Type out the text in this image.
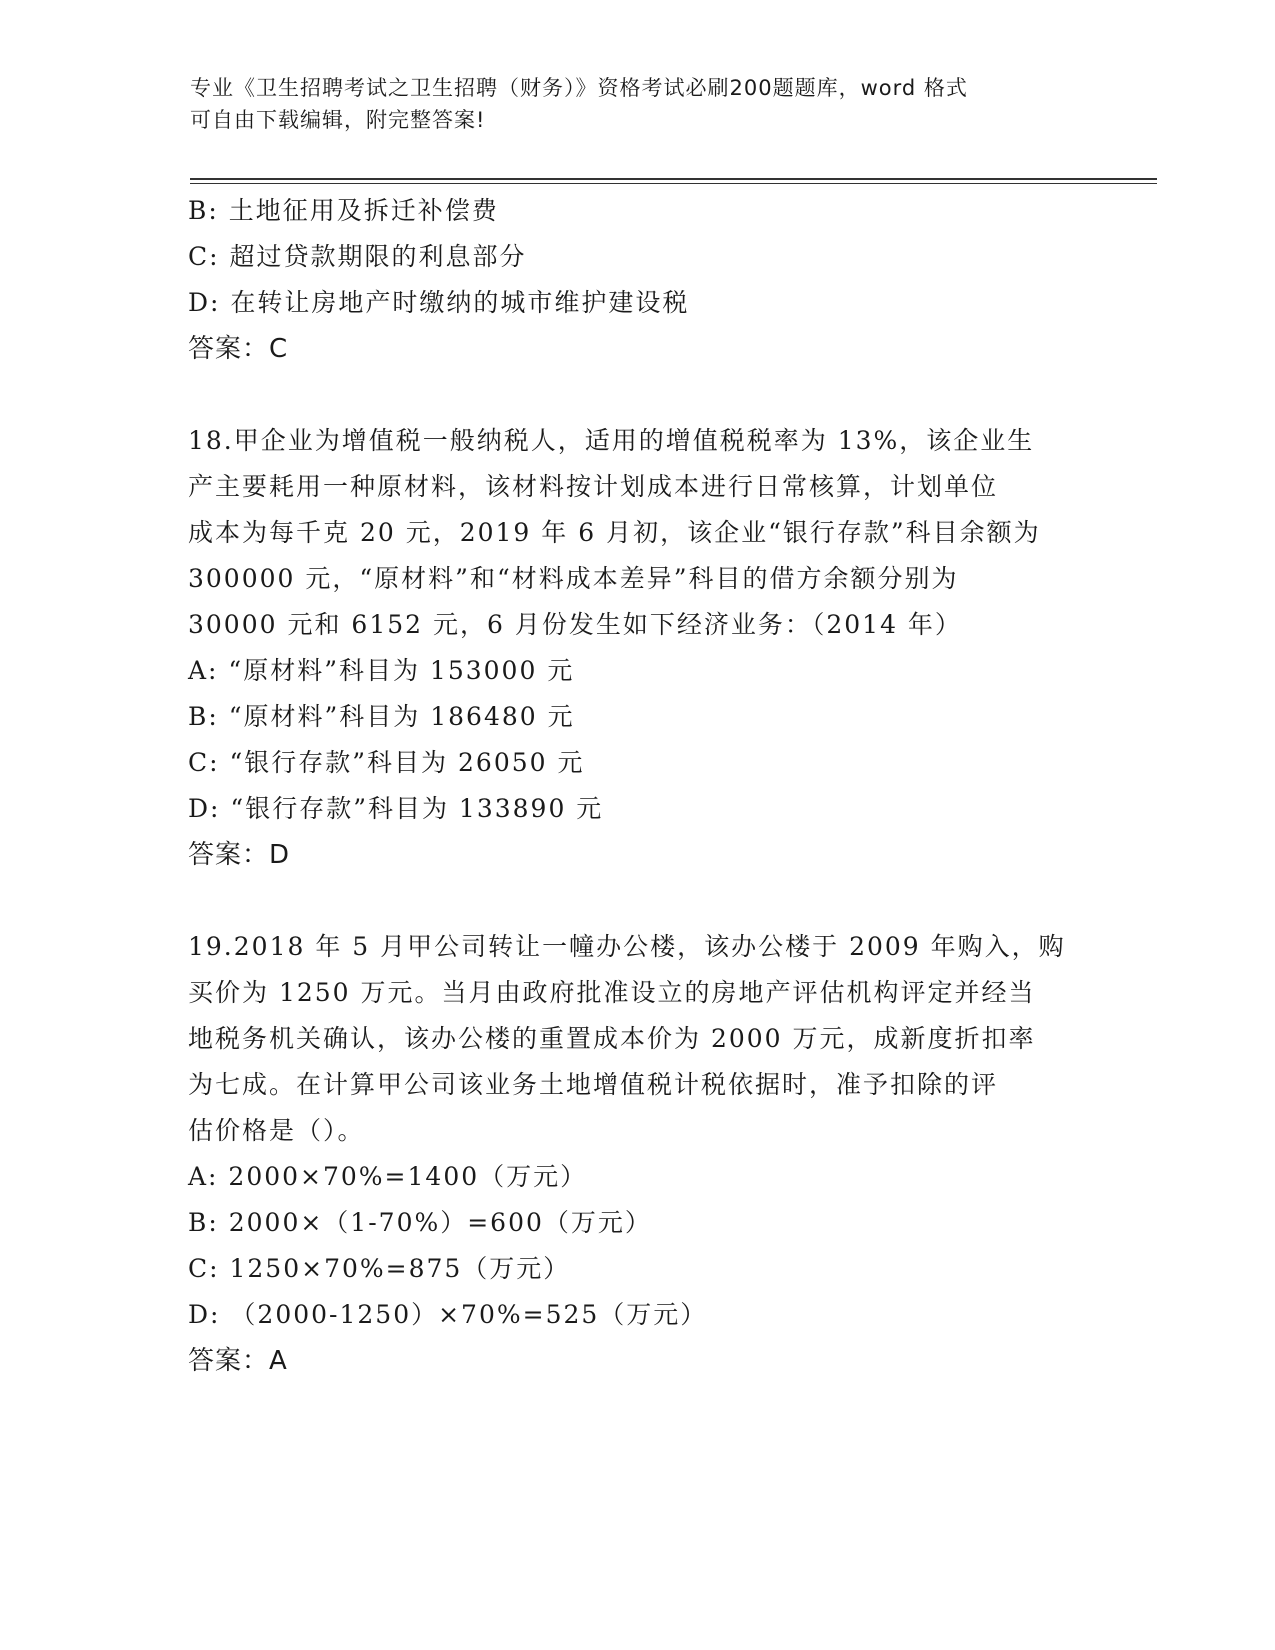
专业《卫生招聘考试之卫生招聘（财务）》资格考试必刷200题题库，word 格式
可自由下载编辑，附完整答案!
B: 土地征用及拆迁补偿费
C: 超过贷款期限的利息部分
D: 在转让房地产时缴纳的城市维护建设税
答案：C
18.甲企业为增值税一般纳税人，适用的增值税税率为 13%，该企业生
产主要耗用一种原材料，该材料按计划成本进行日常核算，计划单位
成本为每千克 20 元，2019 年 6 月初，该企业“银行存款”科目余额为
300000 元，“原材料”和“材料成本差异”科目的借方余额分别为
30000 元和 6152 元，6 月份发生如下经济业务：（2014 年）
A: “原材料”科目为 153000 元
B: “原材料”科目为 186480 元
C: “银行存款”科目为 26050 元
D: “银行存款”科目为 133890 元
答案：D
19.2018 年 5 月甲公司转让一幢办公楼，该办公楼于 2009 年购入，购
买价为 1250 万元。当月由政府批准设立的房地产评估机构评定并经当
地税务机关确认，该办公楼的重置成本价为 2000 万元，成新度折扣率
为七成。在计算甲公司该业务土地增值税计税依据时，准予扣除的评
估价格是（）。
A: 2000×70%=1400（万元）
B: 2000×（1-70%）=600（万元）
C: 1250×70%=875（万元）
D: （2000-1250）×70%=525（万元）
答案：A
